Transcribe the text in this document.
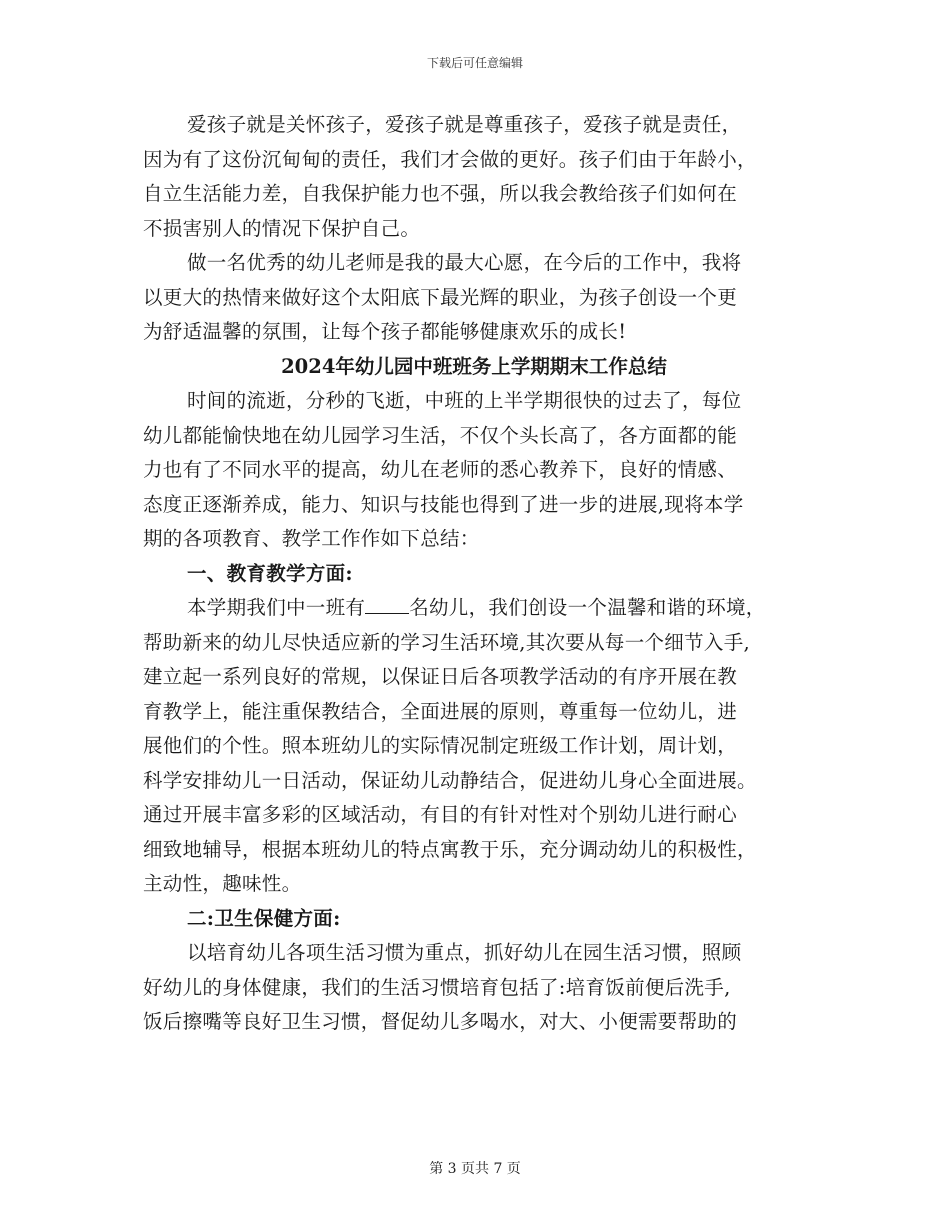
下载后可任意编辑
爱孩子就是关怀孩子，爱孩子就是尊重孩子，爱孩子就是责任，
因为有了这份沉甸甸的责任，我们才会做的更好。孩子们由于年龄小，
自立生活能力差，自我保护能力也不强，所以我会教给孩子们如何在
不损害别人的情况下保护自己。
做一名优秀的幼儿老师是我的最大心愿，在今后的工作中，我将
以更大的热情来做好这个太阳底下最光辉的职业，为孩子创设一个更
为舒适温馨的氛围，让每个孩子都能够健康欢乐的成长!
2024年幼儿园中班班务上学期期末工作总结
时间的流逝，分秒的飞逝，中班的上半学期很快的过去了，每位
幼儿都能愉快地在幼儿园学习生活，不仅个头长高了，各方面都的能
力也有了不同水平的提高，幼儿在老师的悉心教养下，良好的情感、
态度正逐渐养成，能力、知识与技能也得到了进一步的进展,现将本学
期的各项教育、教学工作作如下总结：
一、教育教学方面:
本学期我们中一班有 名幼儿，我们创设一个温馨和谐的环境，
帮助新来的幼儿尽快适应新的学习生活环境,其次要从每一个细节入手,
建立起一系列良好的常规，以保证日后各项教学活动的有序开展在教
育教学上，能注重保教结合，全面进展的原则，尊重每一位幼儿，进
展他们的个性。照本班幼儿的实际情况制定班级工作计划，周计划，
科学安排幼儿一日活动，保证幼儿动静结合，促进幼儿身心全面进展。
通过开展丰富多彩的区域活动，有目的有针对性对个别幼儿进行耐心
细致地辅导，根据本班幼儿的特点寓教于乐，充分调动幼儿的积极性，
主动性，趣味性。
二:卫生保健方面:
以培育幼儿各项生活习惯为重点，抓好幼儿在园生活习惯，照顾
好幼儿的身体健康，我们的生活习惯培育包括了:培育饭前便后洗手,
饭后擦嘴等良好卫生习惯，督促幼儿多喝水，对大、小便需要帮助的
第 3 页共 7 页
